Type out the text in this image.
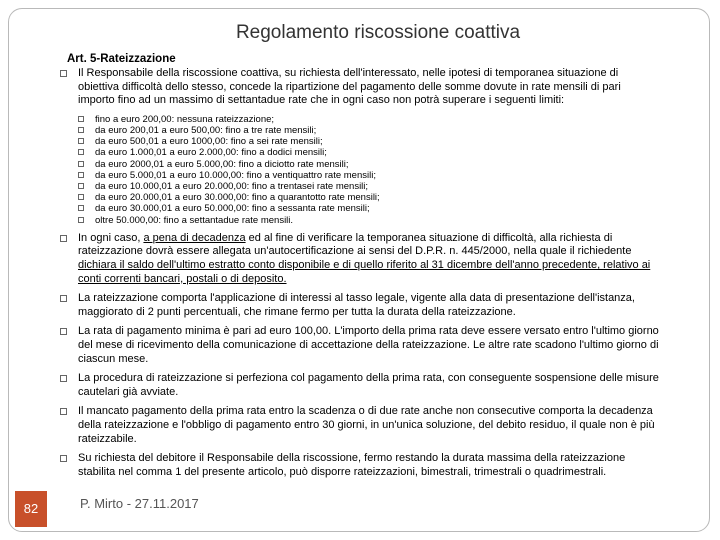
Regolamento riscossione coattiva
Art. 5-Rateizzazione
Il Responsabile della riscossione coattiva, su richiesta dell'interessato, nelle ipotesi di temporanea situazione di obiettiva difficoltà dello stesso, concede la ripartizione del pagamento delle somme dovute in rate mensili di pari importo fino ad un massimo di settantadue rate che in ogni caso non potrà superare i seguenti limiti:
fino a euro 200,00: nessuna rateizzazione;
da euro 200,01 a euro 500,00: fino a tre rate mensili;
da euro 500,01 a euro 1000,00: fino a sei rate mensili;
da euro 1.000,01 a euro 2.000,00: fino a dodici mensili;
da euro 2000,01 a euro 5.000,00: fino a diciotto rate mensili;
da euro 5.000,01 a euro 10.000,00: fino a ventiquattro rate mensili;
da euro 10.000,01 a euro 20.000,00: fino a trentasei rate mensili;
da euro 20.000,01 a euro 30.000,00: fino a quarantotto rate mensili;
da euro 30.000,01 a euro 50.000,00: fino a sessanta rate mensili;
oltre 50.000,00: fino a settantadue rate mensili.
In ogni caso, a pena di decadenza ed al fine di verificare la temporanea situazione di difficoltà, alla richiesta di rateizzazione dovrà essere allegata un'autocertificazione ai sensi del D.P.R. n. 445/2000, nella quale il richiedente dichiara il saldo dell'ultimo estratto conto disponibile e di quello riferito al 31 dicembre dell'anno precedente, relativo ai conti correnti bancari, postali o di deposito.
La rateizzazione comporta l'applicazione di interessi al tasso legale, vigente alla data di presentazione dell'istanza, maggiorato di 2 punti percentuali, che rimane fermo per tutta la durata della rateizzazione.
La rata di pagamento minima è pari ad euro 100,00. L'importo della prima rata deve essere versato entro l'ultimo giorno del mese di ricevimento della comunicazione di accettazione della rateizzazione. Le altre rate scadono l'ultimo giorno di ciascun mese.
La procedura di rateizzazione si perfeziona col pagamento della prima rata, con conseguente sospensione delle misure cautelari già avviate.
Il mancato pagamento della prima rata entro la scadenza o di due rate anche non consecutive comporta la decadenza della rateizzazione e l'obbligo di pagamento entro 30 giorni, in un'unica soluzione, del debito residuo, il quale non è più rateizzabile.
Su richiesta del debitore il Responsabile della riscossione, fermo restando la durata massima della rateizzazione stabilita nel comma 1 del presente articolo, può disporre rateizzazioni, bimestrali, trimestrali o quadrimestrali.
82	P. Mirto - 27.11.2017
